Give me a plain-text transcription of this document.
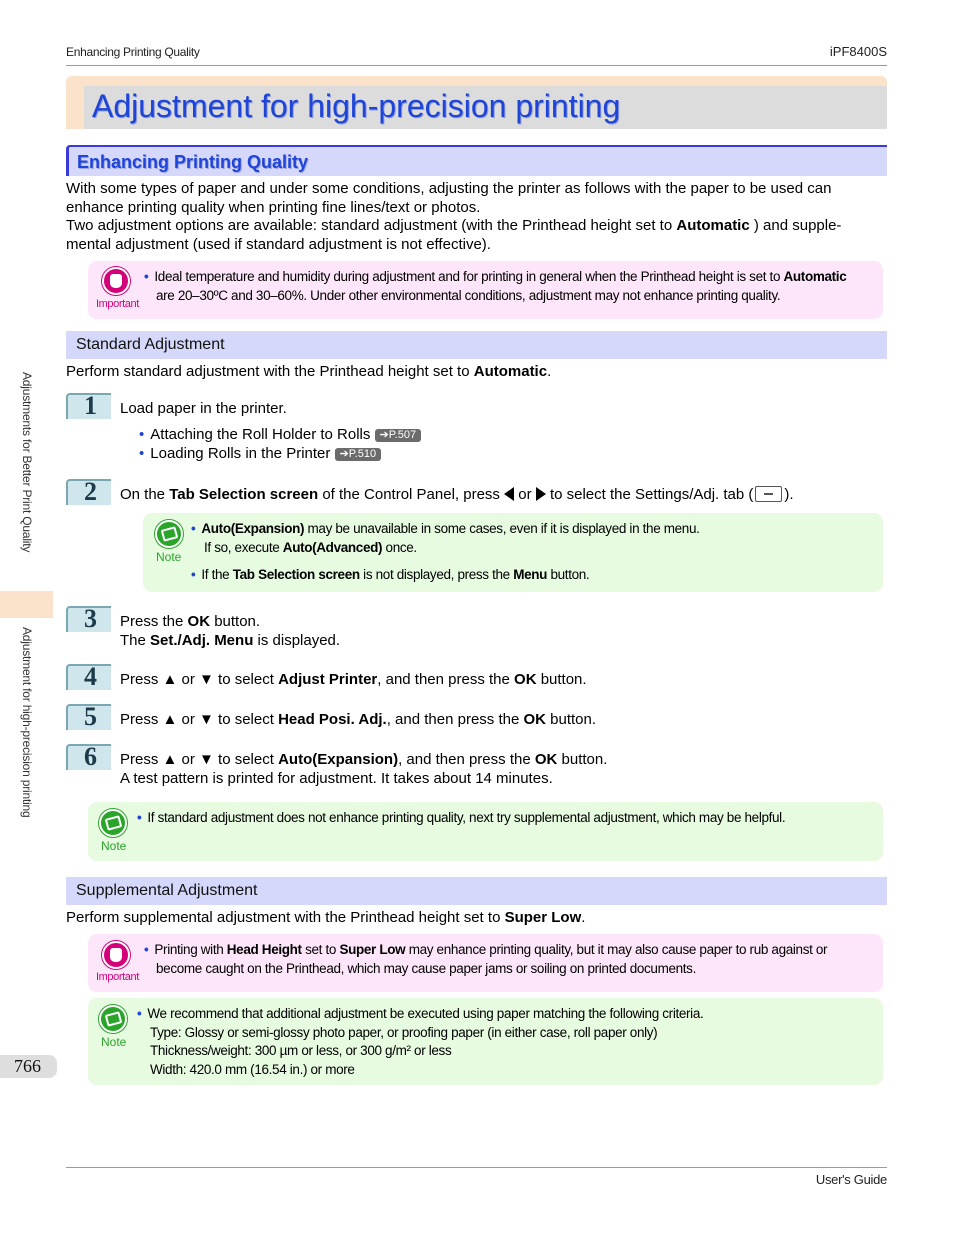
Enhancing Printing Quality	iPF8400S
Adjustment for high-precision printing
Enhancing Printing Quality
With some types of paper and under some conditions, adjusting the printer as follows with the paper to be used can enhance printing quality when printing fine lines/text or photos.
Two adjustment options are available: standard adjustment (with the Printhead height set to Automatic ) and supple-
mental adjustment (used if standard adjustment is not effective).
Important
• Ideal temperature and humidity during adjustment and for printing in general when the Printhead height is set to Automatic
are 20–30ºC and 30–60%. Under other environmental conditions, adjustment may not enhance printing quality.
Standard Adjustment
Perform standard adjustment with the Printhead height set to Automatic.
1 Load paper in the printer.
• Attaching the Roll Holder to Rolls ➔P.507
• Loading Rolls in the Printer ➔P.510
2 On the Tab Selection screen of the Control Panel, press  or  to select the Settings/Adj. tab ( ).
Note
• Auto(Expansion) may be unavailable in some cases, even if it is displayed in the menu.
If so, execute Auto(Advanced) once.

• If the Tab Selection screen is not displayed, press the Menu button.
3 Press the OK button.
The Set./Adj. Menu is displayed.
4 Press ▲ or ▼ to select Adjust Printer, and then press the OK button.
5 Press ▲ or ▼ to select Head Posi. Adj., and then press the OK button.
6 Press ▲ or ▼ to select Auto(Expansion), and then press the OK button.
A test pattern is printed for adjustment. It takes about 14 minutes.
Note
• If standard adjustment does not enhance printing quality, next try supplemental adjustment, which may be helpful.
Supplemental Adjustment
Perform supplemental adjustment with the Printhead height set to Super Low.
Important
• Printing with Head Height set to Super Low may enhance printing quality, but it may also cause paper to rub against or
become caught on the Printhead, which may cause paper jams or soiling on printed documents.
Note
• We recommend that additional adjustment be executed using paper matching the following criteria.
Type: Glossy or semi-glossy photo paper, or proofing paper (in either case, roll paper only)
Thickness/weight: 300 µm or less, or 300 g/m² or less
Width: 420.0 mm (16.54 in.) or more
Adjustments for Better Print Quality
Adjustment for high-precision printing
766
User's Guide
